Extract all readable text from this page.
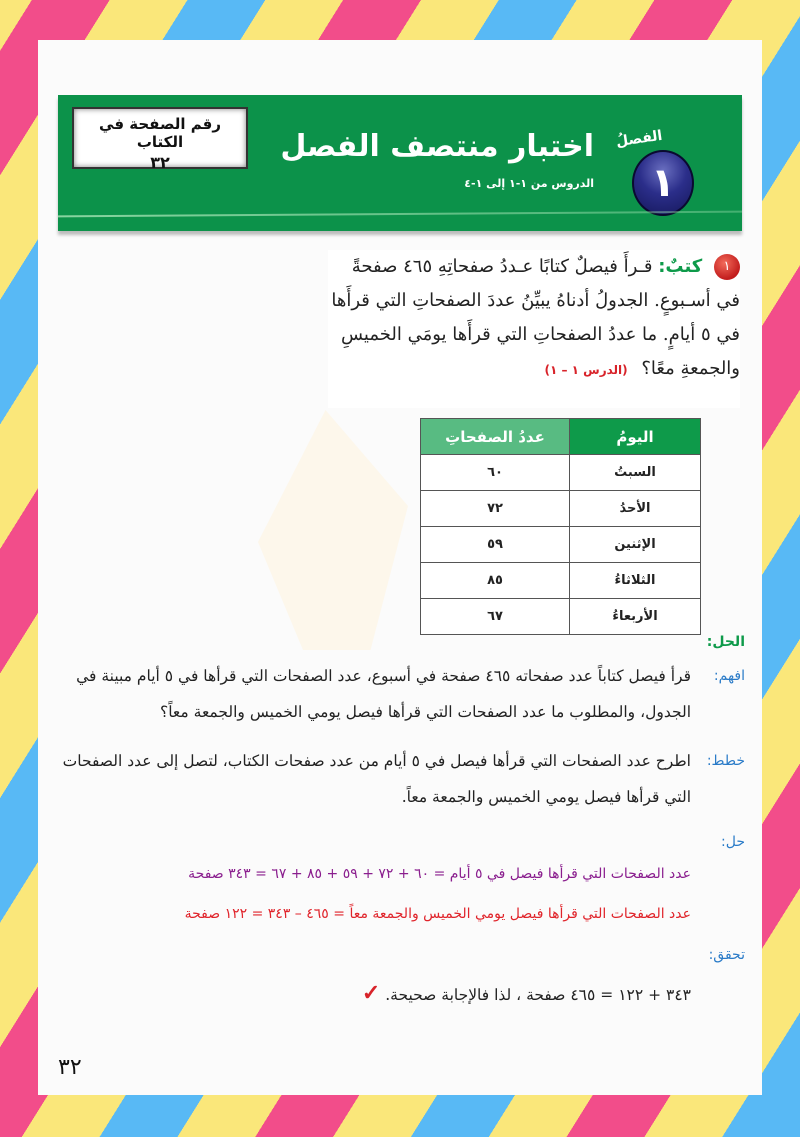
رقم الصفحة في الكتاب
٣٢	اختبار منتصف الفصل
الدروس من ١-١ إلى ١-٤
الفصلُ
١
١ كتبٌ: قـرأَ فيصلٌ كتابًا عـددُ صفحاتِهِ ٤٦٥ صفحةً في أسـبوعٍ. الجدولُ أدناهُ يبيِّنُ عددَ الصفحاتِ التي قرأَها في ٥ أيامٍ. ما عددُ الصفحاتِ التي قرأَها يومَي الخميسِ والجمعةِ معًا؟ (الدرس ١ – ١)
اليومُ	عددُ الصفحاتِ
السبتُ	٦٠
الأحدُ	٧٢
الإثنين	٥٩
الثلاثاءُ	٨٥
الأربعاءُ	٦٧
الحل:
افهم:
قرأ فيصل كتاباً عدد صفحاته ٤٦٥ صفحة في أسبوع، عدد الصفحات التي قرأها في ٥ أيام مبينة في الجدول، والمطلوب ما عدد الصفحات التي قرأها فيصل يومي الخميس والجمعة معاً؟
خطط:
اطرح عدد الصفحات التي قرأها فيصل في ٥ أيام من عدد صفحات الكتاب، لتصل إلى عدد الصفحات التي قرأها فيصل يومي الخميس والجمعة معاً.
حل:
عدد الصفحات التي قرأها فيصل في ٥ أيام = ٦٠ + ٧٢ + ٥٩ + ٨٥ + ٦٧ = ٣٤٣ صفحة
عدد الصفحات التي قرأها فيصل يومي الخميس والجمعة معاً = ٤٦٥ – ٣٤٣ = ١٢٢ صفحة
تحقق:
٣٤٣ + ١٢٢ = ٤٦٥ صفحة ، لذا فالإجابة صحيحة. ✓
٣٢
